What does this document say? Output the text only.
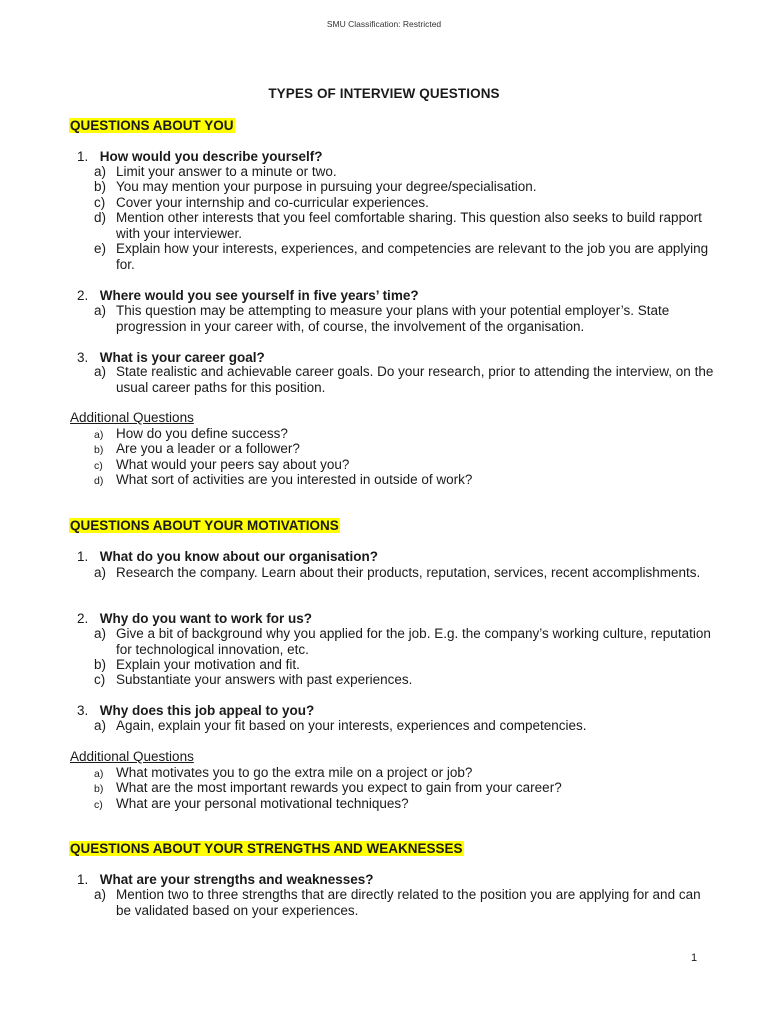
SMU Classification: Restricted
TYPES OF INTERVIEW QUESTIONS
QUESTIONS ABOUT YOU
1. How would you describe yourself?
a) Limit your answer to a minute or two.
b) You may mention your purpose in pursuing your degree/specialisation.
c) Cover your internship and co-curricular experiences.
d) Mention other interests that you feel comfortable sharing. This question also seeks to build rapport with your interviewer.
e) Explain how your interests, experiences, and competencies are relevant to the job you are applying for.
2. Where would you see yourself in five years’ time?
a) This question may be attempting to measure your plans with your potential employer’s. State progression in your career with, of course, the involvement of the organisation.
3. What is your career goal?
a) State realistic and achievable career goals. Do your research, prior to attending the interview, on the usual career paths for this position.
Additional Questions
a) How do you define success?
b) Are you a leader or a follower?
c) What would your peers say about you?
d) What sort of activities are you interested in outside of work?
QUESTIONS ABOUT YOUR MOTIVATIONS
1. What do you know about our organisation?
a) Research the company. Learn about their products, reputation, services, recent accomplishments.
2. Why do you want to work for us?
a) Give a bit of background why you applied for the job. E.g. the company’s working culture, reputation for technological innovation, etc.
b) Explain your motivation and fit.
c) Substantiate your answers with past experiences.
3. Why does this job appeal to you?
a) Again, explain your fit based on your interests, experiences and competencies.
Additional Questions
a) What motivates you to go the extra mile on a project or job?
b) What are the most important rewards you expect to gain from your career?
c) What are your personal motivational techniques?
QUESTIONS ABOUT YOUR STRENGTHS AND WEAKNESSES
1. What are your strengths and weaknesses?
a) Mention two to three strengths that are directly related to the position you are applying for and can be validated based on your experiences.
1
